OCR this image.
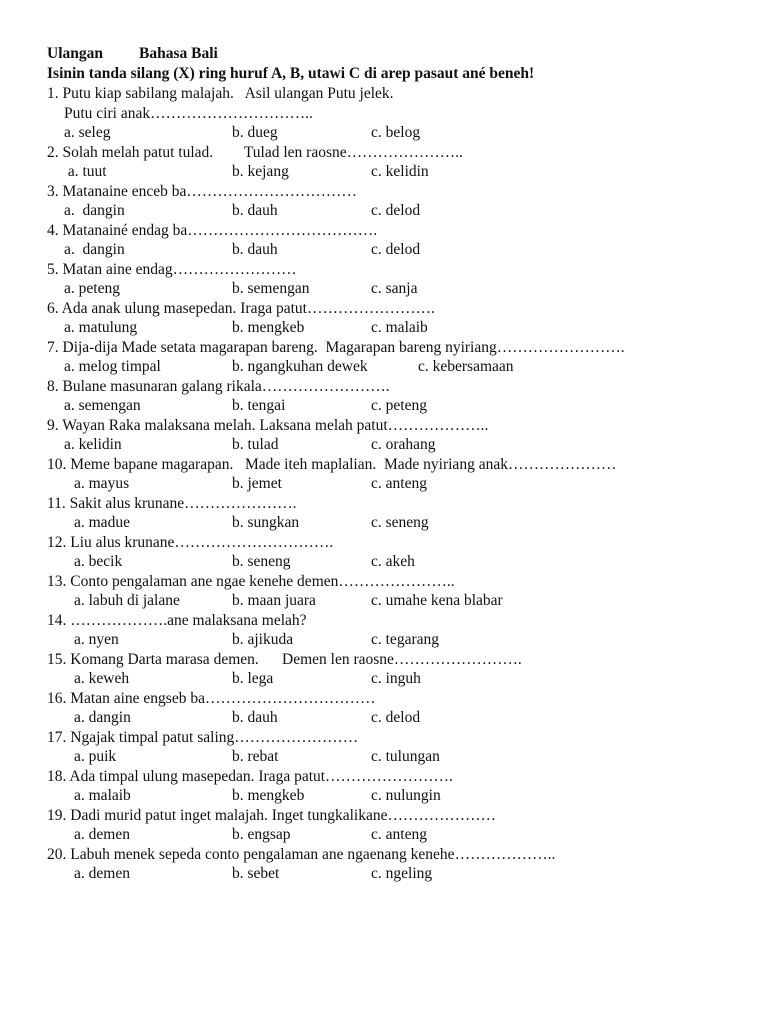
Ulangan Bahasa Bali
Isinin tanda silang (X) ring huruf A, B, utawi C di arep pasaut ané beneh!
1. Putu kiap sabilang malajah.   Asil ulangan Putu jelek.
Putu ciri anak…………………………..
a. seleg	b. dueg	c. belog
2. Solah melah patut tulad.        Tulad len raosne…………………..
a. tuut	b. kejang	c. kelidin
3. Matanaine enceb ba……………………………
a.  dangin	b. dauh	c. delod
4. Matanainé endag ba……………………………….
a.  dangin	b. dauh	c. delod
5. Matan aine endag……………………
a. peteng	b. semengan	c. sanja
6. Ada anak ulung masepedan. Iraga patut…………………….
a. matulung	b. mengkeb	c. malaib
7. Dija-dija Made setata magarapan bareng.  Magarapan bareng nyiriang…………………….
a. melog timpal	b. ngangkuhan dewek	c. kebersamaan
8. Bulane masunaran galang rikala…………………….
a. semengan	b. tengai	c. peteng
9. Wayan Raka malaksana melah. Laksana melah patut………………..
a. kelidin	b. tulad	c. orahang
10. Meme bapane magarapan.   Made iteh maplalian.  Made nyiriang anak…………………
a. mayus	b. jemet	c. anteng
11. Sakit alus krunane………………….
a. madue	b. sungkan	c. seneng
12. Liu alus krunane………………………….
a. becik	b. seneng	c. akeh
13. Conto pengalaman ane ngae kenehe demen…………………..
a. labuh di jalane	b. maan juara	c. umahe kena blabar
14. ……………….ane malaksana melah?
a. nyen	b. ajikuda	c. tegarang
15. Komang Darta marasa demen.      Demen len raosne…………………….
a. keweh	b. lega	c. inguh
16. Matan aine engseb ba……………………………
a. dangin	b. dauh	c. delod
17. Ngajak timpal patut saling……………………
a. puik	b. rebat	c. tulungan
18. Ada timpal ulung masepedan. Iraga patut…………………….
a. malaib	b. mengkeb	c. nulungin
19. Dadi murid patut inget malajah. Inget tungkalikane…………………
a. demen	b. engsap	c. anteng
20. Labuh menek sepeda conto pengalaman ane ngaenang kenehe………………..
a. demen	b. sebet	c. ngeling
